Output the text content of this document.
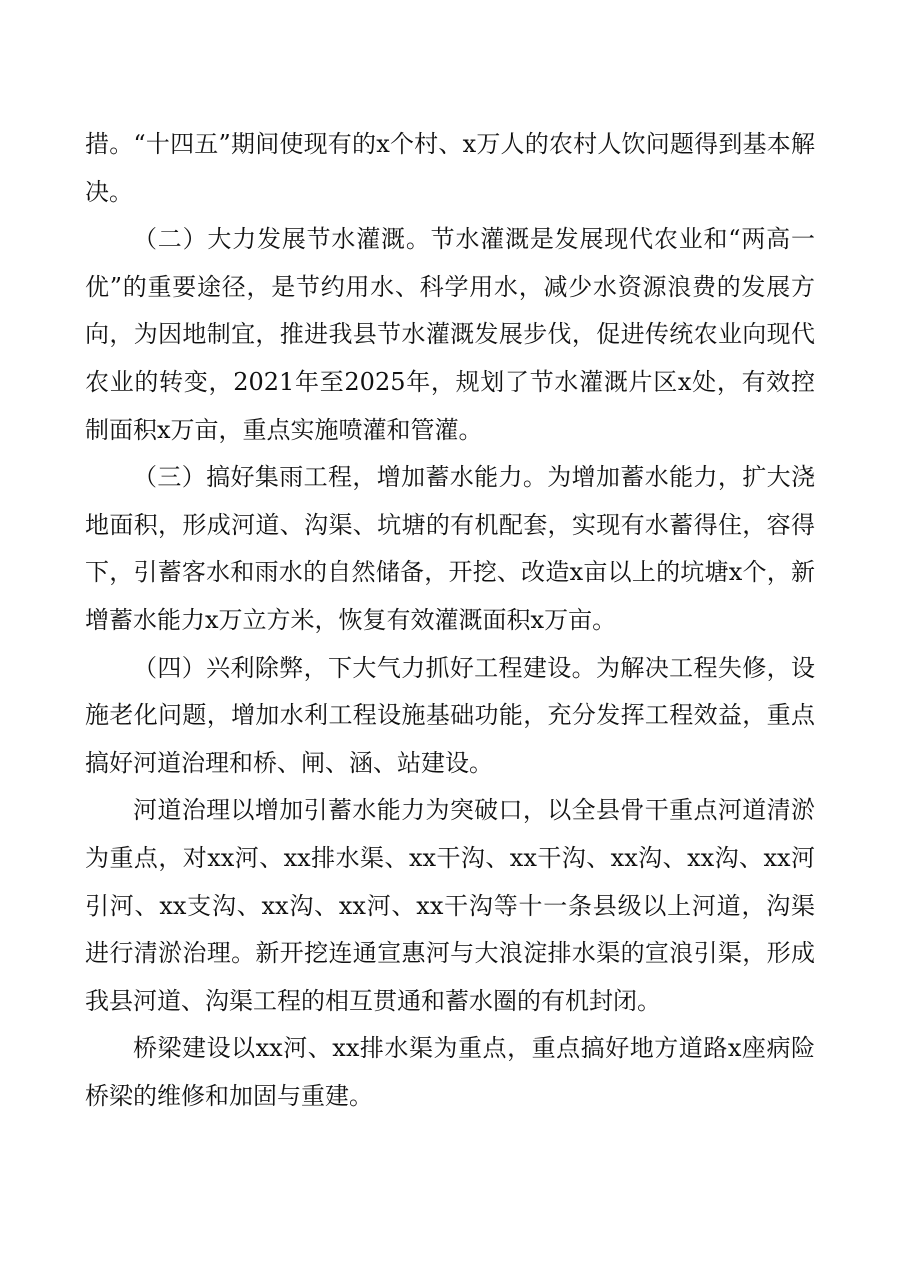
措。“十四五”期间使现有的x个村、x万人的农村人饮问题得到基本解决。

（二）大力发展节水灌溉。节水灌溉是发展现代农业和“两高一优”的重要途径，是节约用水、科学用水，减少水资源浪费的发展方向，为因地制宜，推进我县节水灌溉发展步伐，促进传统农业向现代农业的转变，2021年至2025年，规划了节水灌溉片区x处，有效控制面积x万亩，重点实施喷灌和管灌。

（三）搞好集雨工程，增加蓄水能力。为增加蓄水能力，扩大浇地面积，形成河道、沟渠、坑塘的有机配套，实现有水蓄得住，容得下，引蓄客水和雨水的自然储备，开挖、改造x亩以上的坑塘x个，新增蓄水能力x万立方米，恢复有效灌溉面积x万亩。

（四）兴利除弊，下大气力抓好工程建设。为解决工程失修，设施老化问题，增加水利工程设施基础功能，充分发挥工程效益，重点搞好河道治理和桥、闸、涵、站建设。

河道治理以增加引蓄水能力为突破口，以全县骨干重点河道清淤为重点，对xx河、xx排水渠、xx干沟、xx干沟、xx沟、xx沟、xx河引河、xx支沟、xx沟、xx河、xx干沟等十一条县级以上河道，沟渠进行清淤治理。新开挖连通宣惠河与大浪淀排水渠的宣浪引渠，形成我县河道、沟渠工程的相互贯通和蓄水圈的有机封闭。

桥梁建设以xx河、xx排水渠为重点，重点搞好地方道路x座病险桥梁的维修和加固与重建。
